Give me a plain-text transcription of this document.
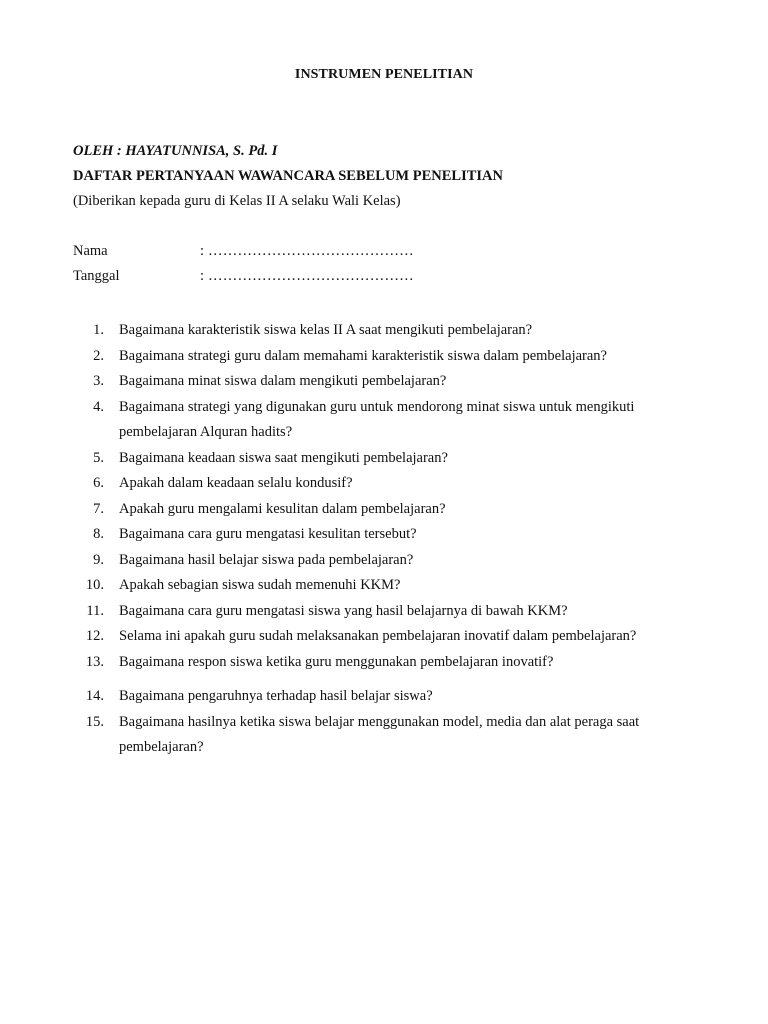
INSTRUMEN PENELITIAN
OLEH : HAYATUNNISA, S. Pd. I
DAFTAR PERTANYAAN WAWANCARA SEBELUM PENELITIAN
(Diberikan kepada guru di Kelas II A selaku Wali Kelas)
Nama	: ……………………………………
Tanggal	: ……………………………………
1.	Bagaimana karakteristik siswa kelas II A saat mengikuti pembelajaran?
2.	Bagaimana strategi guru dalam memahami karakteristik siswa dalam pembelajaran?
3.	Bagaimana minat siswa dalam mengikuti pembelajaran?
4.	Bagaimana strategi yang digunakan guru untuk mendorong minat siswa untuk mengikuti pembelajaran Alquran hadits?
5.	Bagaimana keadaan siswa saat mengikuti pembelajaran?
6.	Apakah dalam keadaan selalu kondusif?
7.	Apakah guru mengalami kesulitan dalam pembelajaran?
8.	Bagaimana cara guru mengatasi kesulitan tersebut?
9.	Bagaimana hasil belajar siswa pada pembelajaran?
10.	Apakah sebagian siswa sudah memenuhi KKM?
11.	Bagaimana cara guru mengatasi siswa yang hasil belajarnya di bawah KKM?
12.	Selama ini apakah guru sudah melaksanakan pembelajaran inovatif dalam pembelajaran?
13.	Bagaimana respon siswa ketika guru menggunakan pembelajaran inovatif?
14.	Bagaimana pengaruhnya terhadap hasil belajar siswa?
15.	Bagaimana hasilnya ketika siswa belajar menggunakan model, media dan alat peraga saat pembelajaran?
